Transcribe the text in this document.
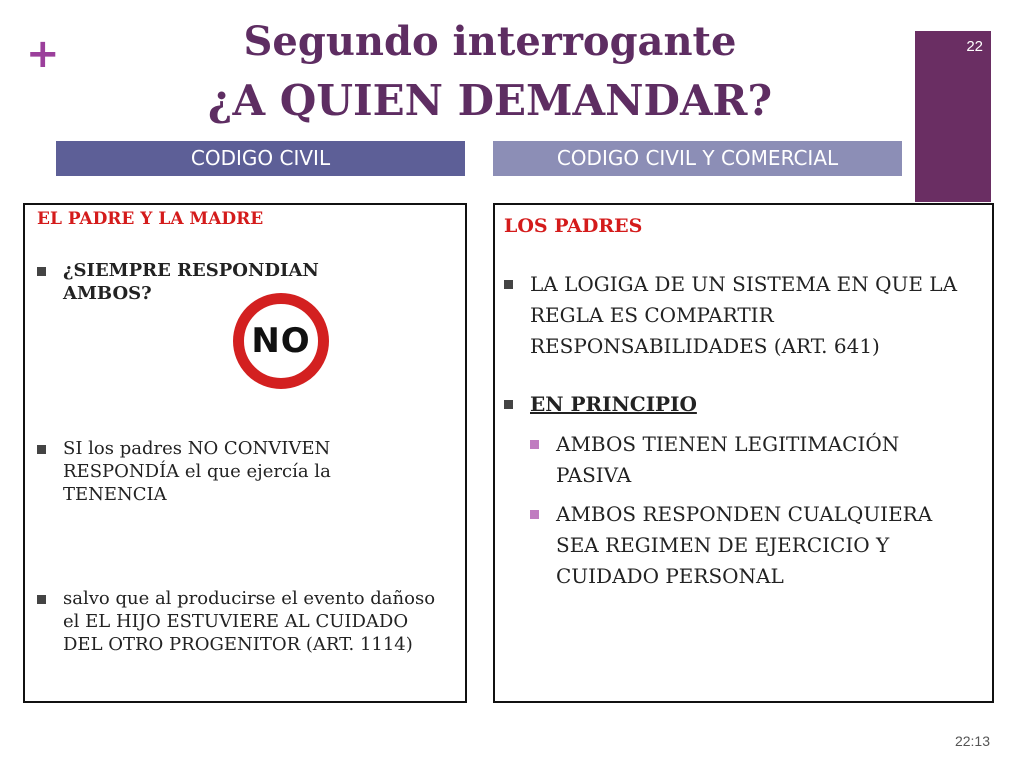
+	Segundo interrogante
¿A QUIEN DEMANDAR?
22
CODIGO CIVIL	CODIGO CIVIL Y COMERCIAL
EL PADRE Y LA MADRE
¿SIEMPRE RESPONDIAN AMBOS?
NO
SI los padres NO CONVIVEN RESPONDÍA el que ejercía la TENENCIA
salvo que al producirse el evento dañoso el EL HIJO ESTUVIERE AL CUIDADO DEL OTRO PROGENITOR (ART. 1114)
LOS PADRES
LA LOGIGA DE UN SISTEMA EN QUE LA REGLA ES COMPARTIR RESPONSABILIDADES (ART. 641)
EN PRINCIPIO
AMBOS TIENEN LEGITIMACIÓN PASIVA
AMBOS RESPONDEN CUALQUIERA SEA REGIMEN DE EJERCICIO Y CUIDADO PERSONAL
22:13
